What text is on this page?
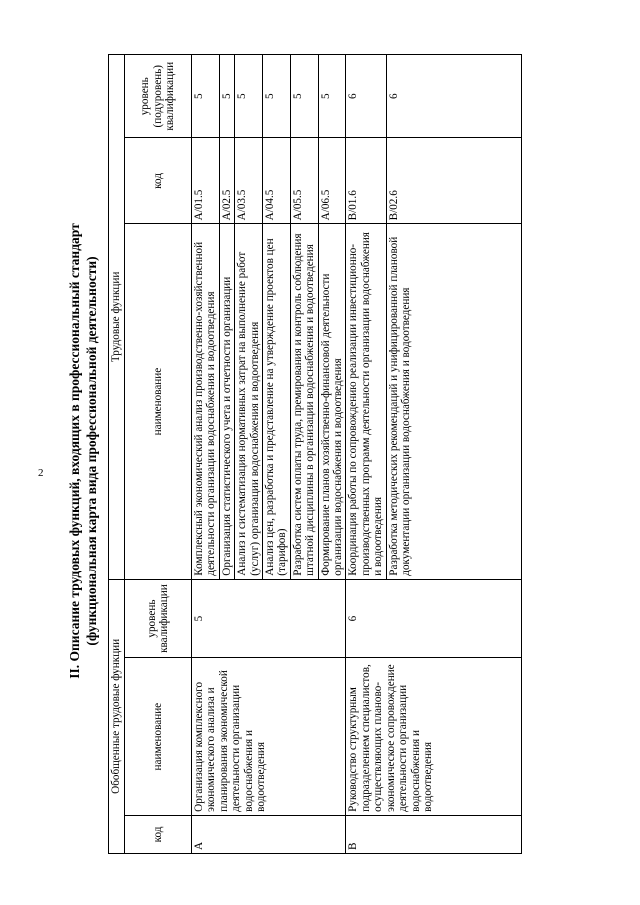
2 II. Описание трудовых функций, входящих в профессиональный стандарт (функциональная карта вида профессиональной деятельности)
Обобщенные трудовые функции			Трудовые функции		
код	наименование	уровень квалификации	наименование	код	уровень (подуровень) квалификации
A	Организация комплексного экономического анализа и планирования экономической деятельности организации водоснабжения и водоотведения	5	Комплексный экономический анализ производственно-хозяйственной деятельности организации водоснабжения и водоотведения	A/01.5	5
			Организация статистического учета и отчетности организации	A/02.5	5
			Анализ и систематизация нормативных затрат на выполнение работ (услуг) организации водоснабжения и водоотведения	A/03.5	5
			Анализ цен, разработка и представление на утверждение проектов цен (тарифов)	A/04.5	5
			Разработка систем оплаты труда, премирования и контроль соблюдения штатной дисциплины в организации водоснабжения и водоотведения	A/05.5	5
			Формирование планов хозяйственно-финансовой деятельности организации водоснабжения и водоотведения	A/06.5	5
B	Руководство структурным подразделением специалистов, осуществляющих планово-экономическое сопровождение деятельности организации водоснабжения и водоотведения	6	Координация работы по сопровождению реализации инвестиционно-производственных программ деятельности организации водоснабжения и водоотведения	B/01.6	6
			Разработка методических рекомендаций и унифицированной плановой документации организации водоснабжения и водоотведения	B/02.6	6
